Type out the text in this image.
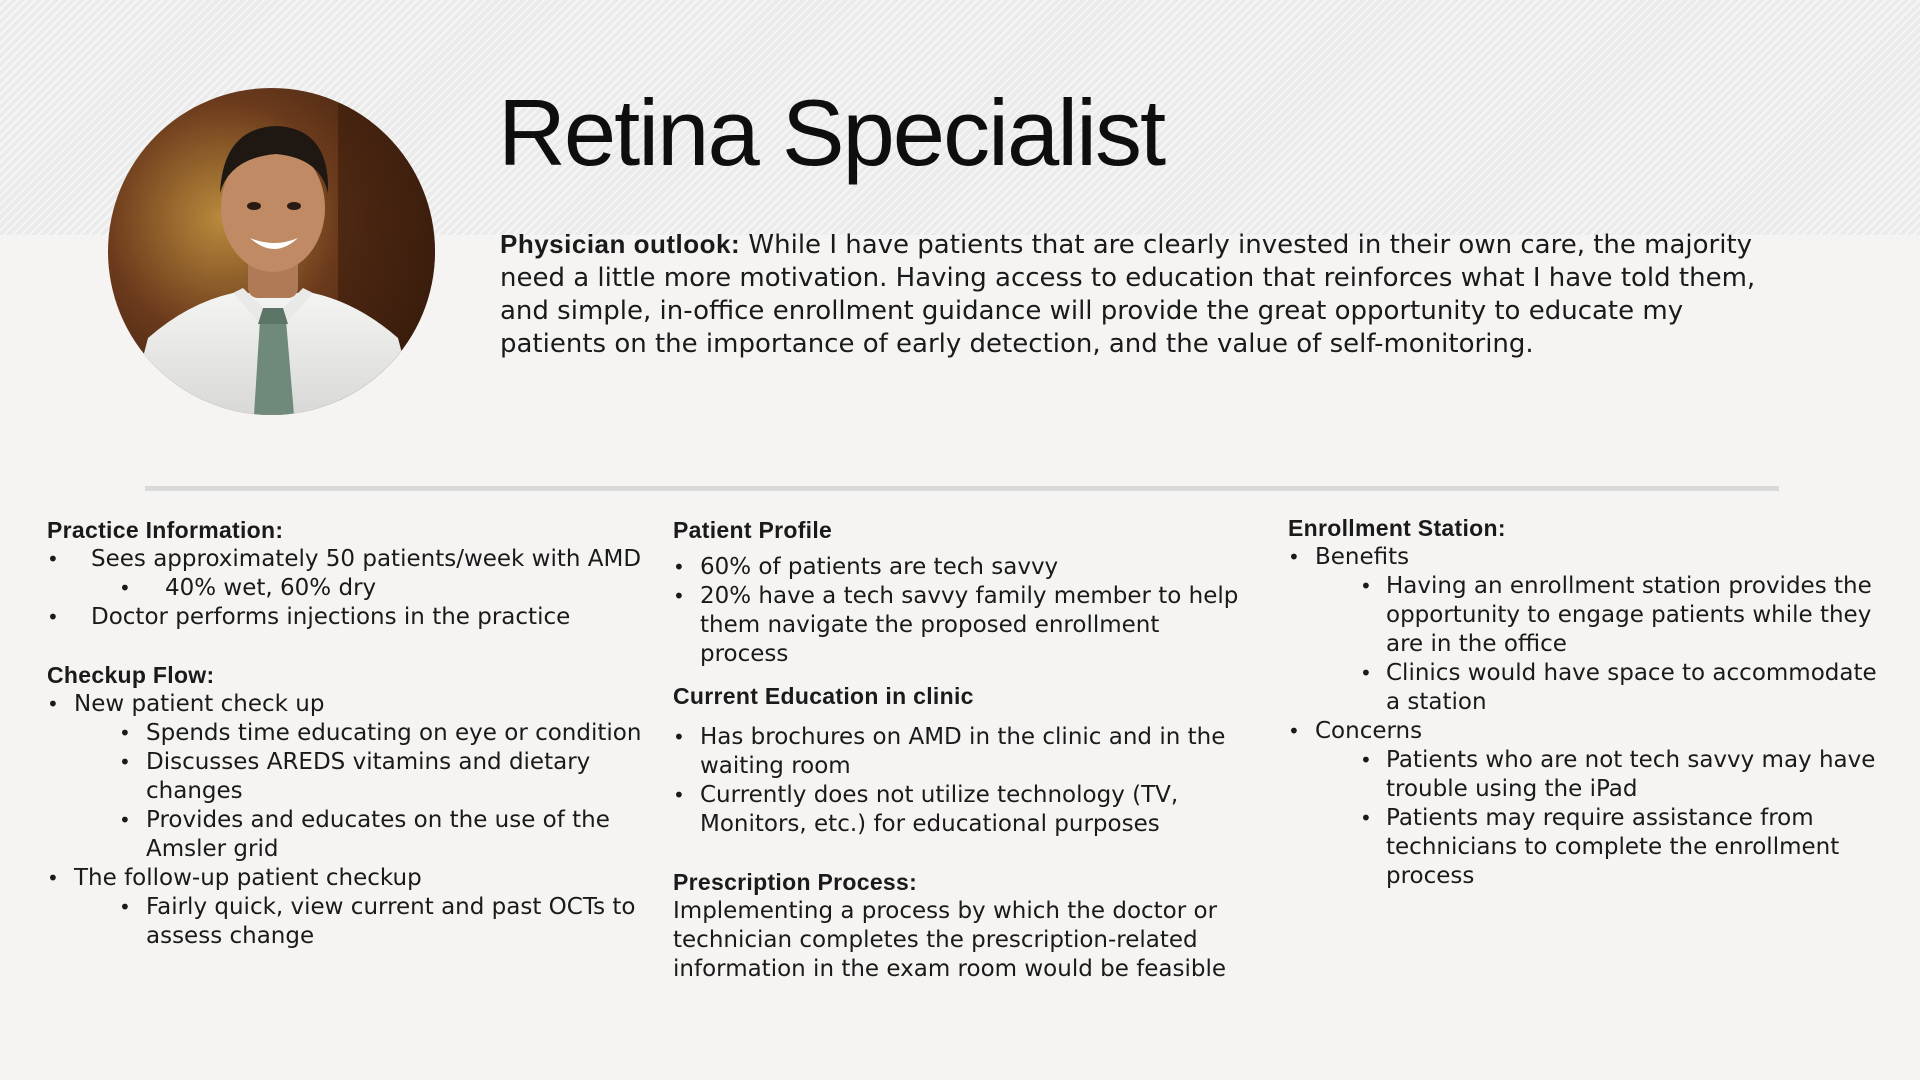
Retina Specialist
Physician outlook: While I have patients that are clearly invested in their own care, the majority need a little more motivation. Having access to education that reinforces what I have told them, and simple, in-office enrollment guidance will provide the great opportunity to educate my patients on the importance of early detection, and the value of self-monitoring.

Practice Information:

• Sees approximately 50 patients/week with AMD
• 40% wet, 60% dry
• Doctor performs injections in the practice

Checkup Flow:

• New patient check up
• Spends time educating on eye or condition
• Discusses AREDS vitamins and dietary changes
• Provides and educates on the use of the Amsler grid
• The follow-up patient checkup
• Fairly quick, view current and past OCTs to assess change

Patient Profile

• 60% of patients are tech savvy
• 20% have a tech savvy family member to help them navigate the proposed enrollment process

Current Education in clinic

• Has brochures on AMD in the clinic and in the waiting room
• Currently does not utilize technology (TV, Monitors, etc.) for educational purposes

Prescription Process:

Implementing a process by which the doctor or technician completes the prescription-related information in the exam room would be feasible

Enrollment Station:

• Benefits
• Having an enrollment station provides the opportunity to engage patients while they are in the office
• Clinics would have space to accommodate a station
• Concerns
• Patients who are not tech savvy may have trouble using the iPad
• Patients may require assistance from technicians to complete the enrollment process
